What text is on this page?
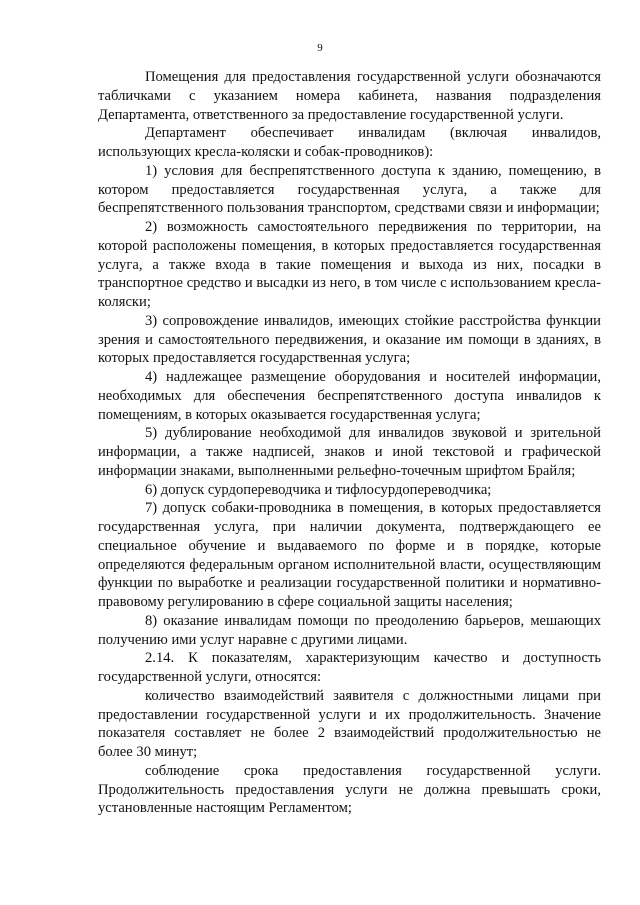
9

Помещения для предоставления государственной услуги обозначаются табличками с указанием номера кабинета, названия подразделения Департамента, ответственного за предоставление государственной услуги.

Департамент обеспечивает инвалидам (включая инвалидов, использующих кресла-коляски и собак-проводников):

1) условия для беспрепятственного доступа к зданию, помещению, в котором предоставляется государственная услуга, а также для беспрепятственного пользования транспортом, средствами связи и информации;

2) возможность самостоятельного передвижения по территории, на которой расположены помещения, в которых предоставляется государственная услуга, а также входа в такие помещения и выхода из них, посадки в транспортное средство и высадки из него, в том числе с использованием кресла-коляски;

3) сопровождение инвалидов, имеющих стойкие расстройства функции зрения и самостоятельного передвижения, и оказание им помощи в зданиях, в которых предоставляется государственная услуга;

4) надлежащее размещение оборудования и носителей информации, необходимых для обеспечения беспрепятственного доступа инвалидов к помещениям, в которых оказывается государственная услуга;

5) дублирование необходимой для инвалидов звуковой и зрительной информации, а также надписей, знаков и иной текстовой и графической информации знаками, выполненными рельефно-точечным шрифтом Брайля;

6) допуск сурдопереводчика и тифлосурдопереводчика;

7) допуск собаки-проводника в помещения, в которых предоставляется государственная услуга, при наличии документа, подтверждающего ее специальное обучение и выдаваемого по форме и в порядке, которые определяются федеральным органом исполнительной власти, осуществляющим функции по выработке и реализации государственной политики и нормативно-правовому регулированию в сфере социальной защиты населения;

8) оказание инвалидам помощи по преодолению барьеров, мешающих получению ими услуг наравне с другими лицами.

2.14. К показателям, характеризующим качество и доступность государственной услуги, относятся:

количество взаимодействий заявителя с должностными лицами при предоставлении государственной услуги и их продолжительность. Значение показателя составляет не более 2 взаимодействий продолжительностью не более 30 минут;

соблюдение срока предоставления государственной услуги. Продолжительность предоставления услуги не должна превышать сроки, установленные настоящим Регламентом;
